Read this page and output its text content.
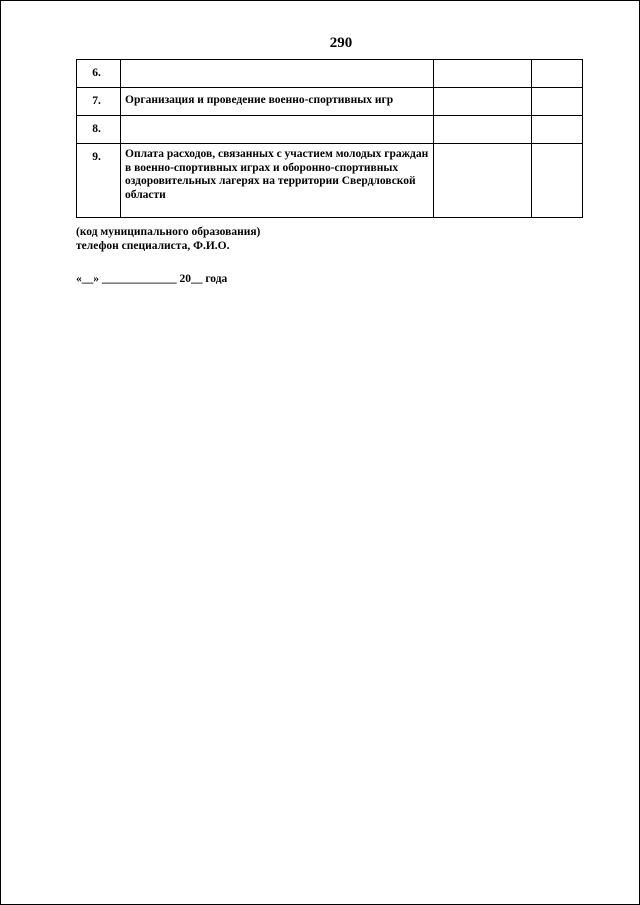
290
6.			
7.	Организация и проведение военно-спортивных игр		
8.			
9.	Оплата расходов, связанных с участием молодых граждан в военно-спортивных играх и оборонно-спортивных оздоровительных лагерях на территории Свердловской области		
(код муниципального образования)
телефон специалиста, Ф.И.О.
«__» _____________ 20__ года
